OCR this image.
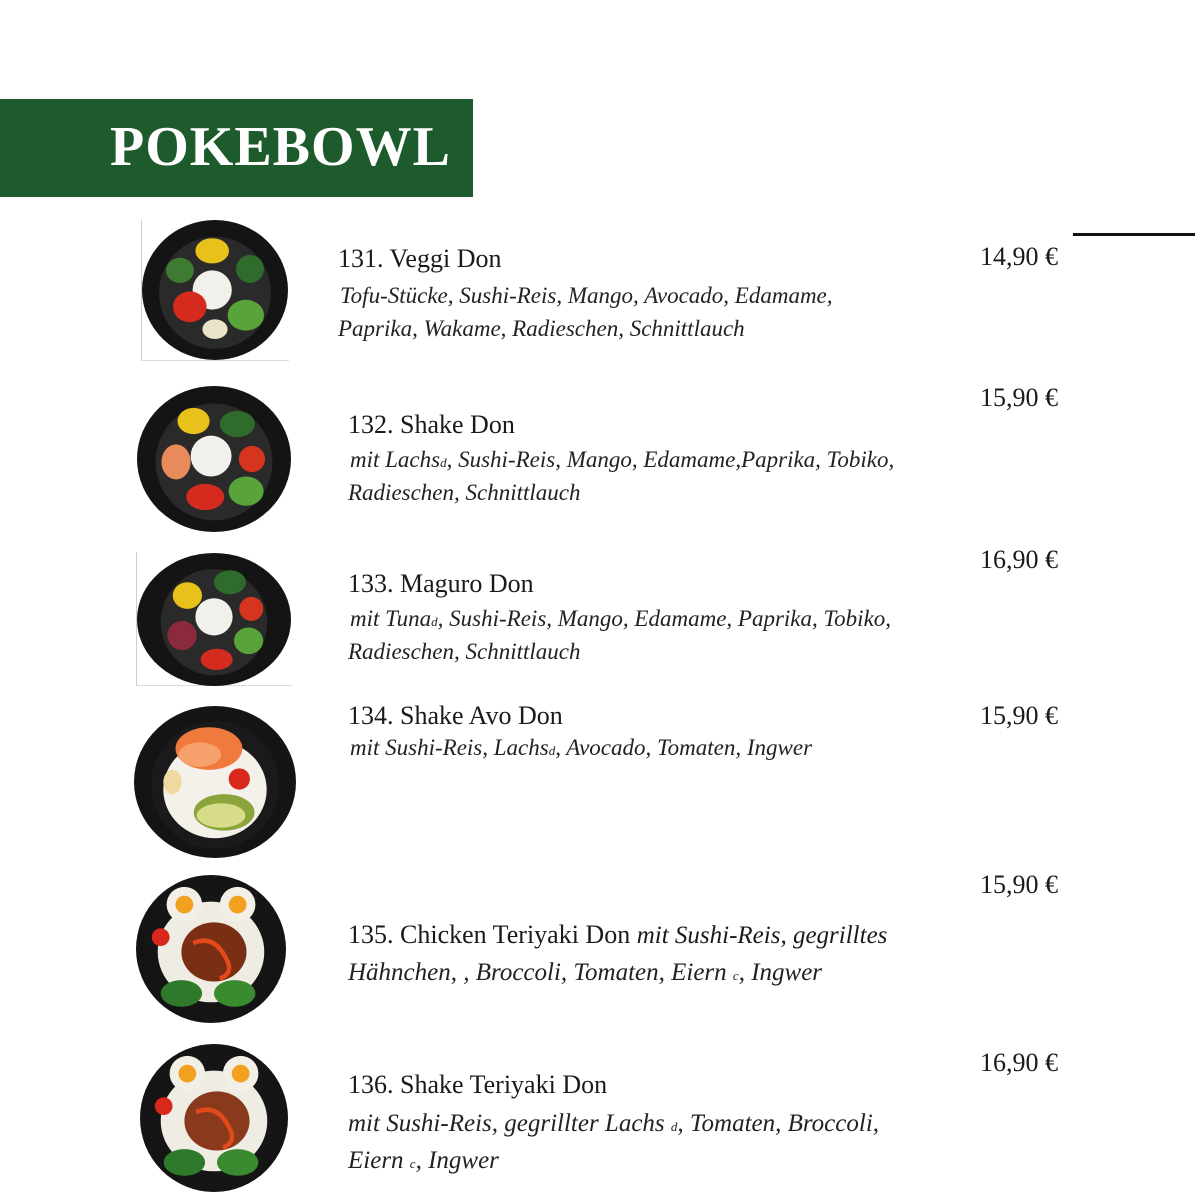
POKEBOWL
131. Veggi Don
Tofu-Stücke, Sushi-Reis, Mango, Avocado, Edamame,
Paprika, Wakame, Radieschen, Schnittlauch
14,90 €
132. Shake Don
mit Lachsd, Sushi-Reis, Mango, Edamame,Paprika, Tobiko,
Radieschen, Schnittlauch
15,90 €
133. Maguro Don
mit Tunad, Sushi-Reis, Mango, Edamame, Paprika, Tobiko,
Radieschen, Schnittlauch
16,90 €
134. Shake Avo Don
mit Sushi-Reis, Lachsd, Avocado, Tomaten, Ingwer
15,90 €
135. Chicken Teriyaki Don mit Sushi-Reis, gegrilltes
Hähnchen, , Broccoli, Tomaten, Eiern c, Ingwer
15,90 €
136. Shake Teriyaki Don
mit Sushi-Reis, gegrillter Lachs d, Tomaten, Broccoli,
Eiern c, Ingwer
16,90 €
